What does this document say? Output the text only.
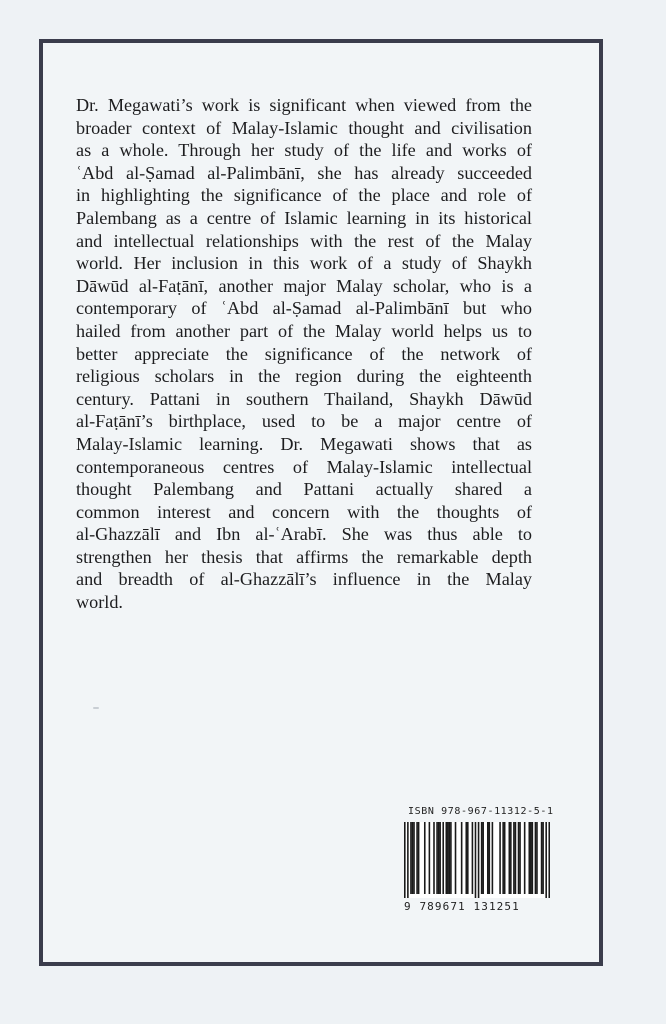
Dr. Megawati’s work is significant when viewed from the
broader context of Malay-Islamic thought and civilisation
as a whole. Through her study of the life and works of
ʿAbd al-Ṣamad al-Palimbānī, she has already succeeded
in highlighting the significance of the place and role of
Palembang as a centre of Islamic learning in its historical
and intellectual relationships with the rest of the Malay
world. Her inclusion in this work of a study of Shaykh
Dāwūd al-Faṭānī, another major Malay scholar, who is a
contemporary of ʿAbd al-Ṣamad al-Palimbānī but who
hailed from another part of the Malay world helps us to
better appreciate the significance of the network of
religious scholars in the region during the eighteenth
century. Pattani in southern Thailand, Shaykh Dāwūd
al-Faṭānī’s birthplace, used to be a major centre of
Malay-Islamic learning. Dr. Megawati shows that as
contemporaneous centres of Malay-Islamic intellectual
thought Palembang and Pattani actually shared a
common interest and concern with the thoughts of
al-Ghazzālī and Ibn al-ʿArabī. She was thus able to
strengthen her thesis that affirms the remarkable depth
and breadth of al-Ghazzālī’s influence in the Malay
world.
ISBN 978-967-11312-5-1
9 789671 131251
